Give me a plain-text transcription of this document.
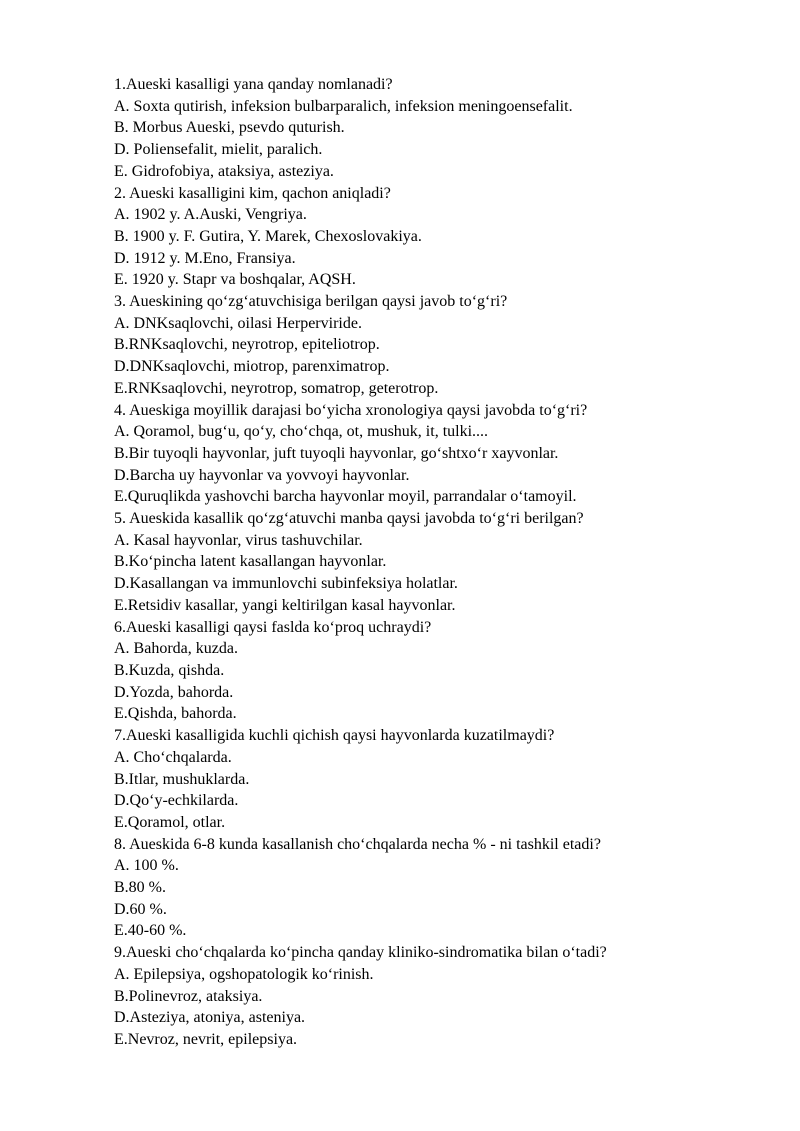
1.Aueski kasalligi yana qanday nomlanadi?
A. Soxta qutirish, infeksion bulbarparalich, infeksion meningoensefalit.
B. Morbus Aueski, psevdo quturish.
D. Poliensefalit, mielit, paralich.
E. Gidrofobiya, ataksiya, asteziya.
2. Aueski kasalligini kim, qachon aniqladi?
A. 1902 y. A.Auski, Vengriya.
B. 1900 y. F. Gutira, Y. Marek, Chexoslovakiya.
D. 1912 y. M.Eno, Fransiya.
E. 1920 y. Stapr va boshqalar, AQSH.
3. Aueskining qo‘zg‘atuvchisiga berilgan qaysi javob to‘g‘ri?
A. DNKsaqlovchi, oilasi Herperviride.
B.RNKsaqlovchi, neyrotrop, epiteliotrop.
D.DNKsaqlovchi, miotrop, parenximatrop.
E.RNKsaqlovchi, neyrotrop, somatrop, geterotrop.
4. Aueskiga moyillik darajasi bo‘yicha xronologiya qaysi javobda to‘g‘ri?
A. Qoramol, bug‘u, qo‘y, cho‘chqa, ot, mushuk, it, tulki....
B.Bir tuyoqli hayvonlar, juft tuyoqli hayvonlar, go‘shtxo‘r xayvonlar.
D.Barcha uy hayvonlar va yovvoyi hayvonlar.
E.Quruqlikda yashovchi barcha hayvonlar moyil, parrandalar o‘tamoyil.
5. Aueskida kasallik qo‘zg‘atuvchi manba qaysi javobda to‘g‘ri berilgan?
A. Kasal hayvonlar, virus tashuvchilar.
B.Ko‘pincha latent kasallangan hayvonlar.
D.Kasallangan va immunlovchi subinfeksiya holatlar.
E.Retsidiv kasallar, yangi keltirilgan kasal hayvonlar.
6.Aueski kasalligi qaysi faslda ko‘proq uchraydi?
A. Bahorda, kuzda.
B.Kuzda, qishda.
D.Yozda, bahorda.
E.Qishda, bahorda.
7.Aueski kasalligida kuchli qichish qaysi hayvonlarda kuzatilmaydi?
A. Cho‘chqalarda.
B.Itlar, mushuklarda.
D.Qo‘y-echkilarda.
E.Qoramol, otlar.
8. Aueskida 6-8 kunda kasallanish cho‘chqalarda necha % - ni tashkil etadi?
A. 100 %.
B.80 %.
D.60 %.
E.40-60 %.
9.Aueski cho‘chqalarda ko‘pincha qanday kliniko-sindromatika bilan o‘tadi?
A. Epilepsiya, ogshopatologik ko‘rinish.
B.Polinevroz, ataksiya.
D.Asteziya, atoniya, asteniya.
E.Nevroz, nevrit, epilepsiya.
